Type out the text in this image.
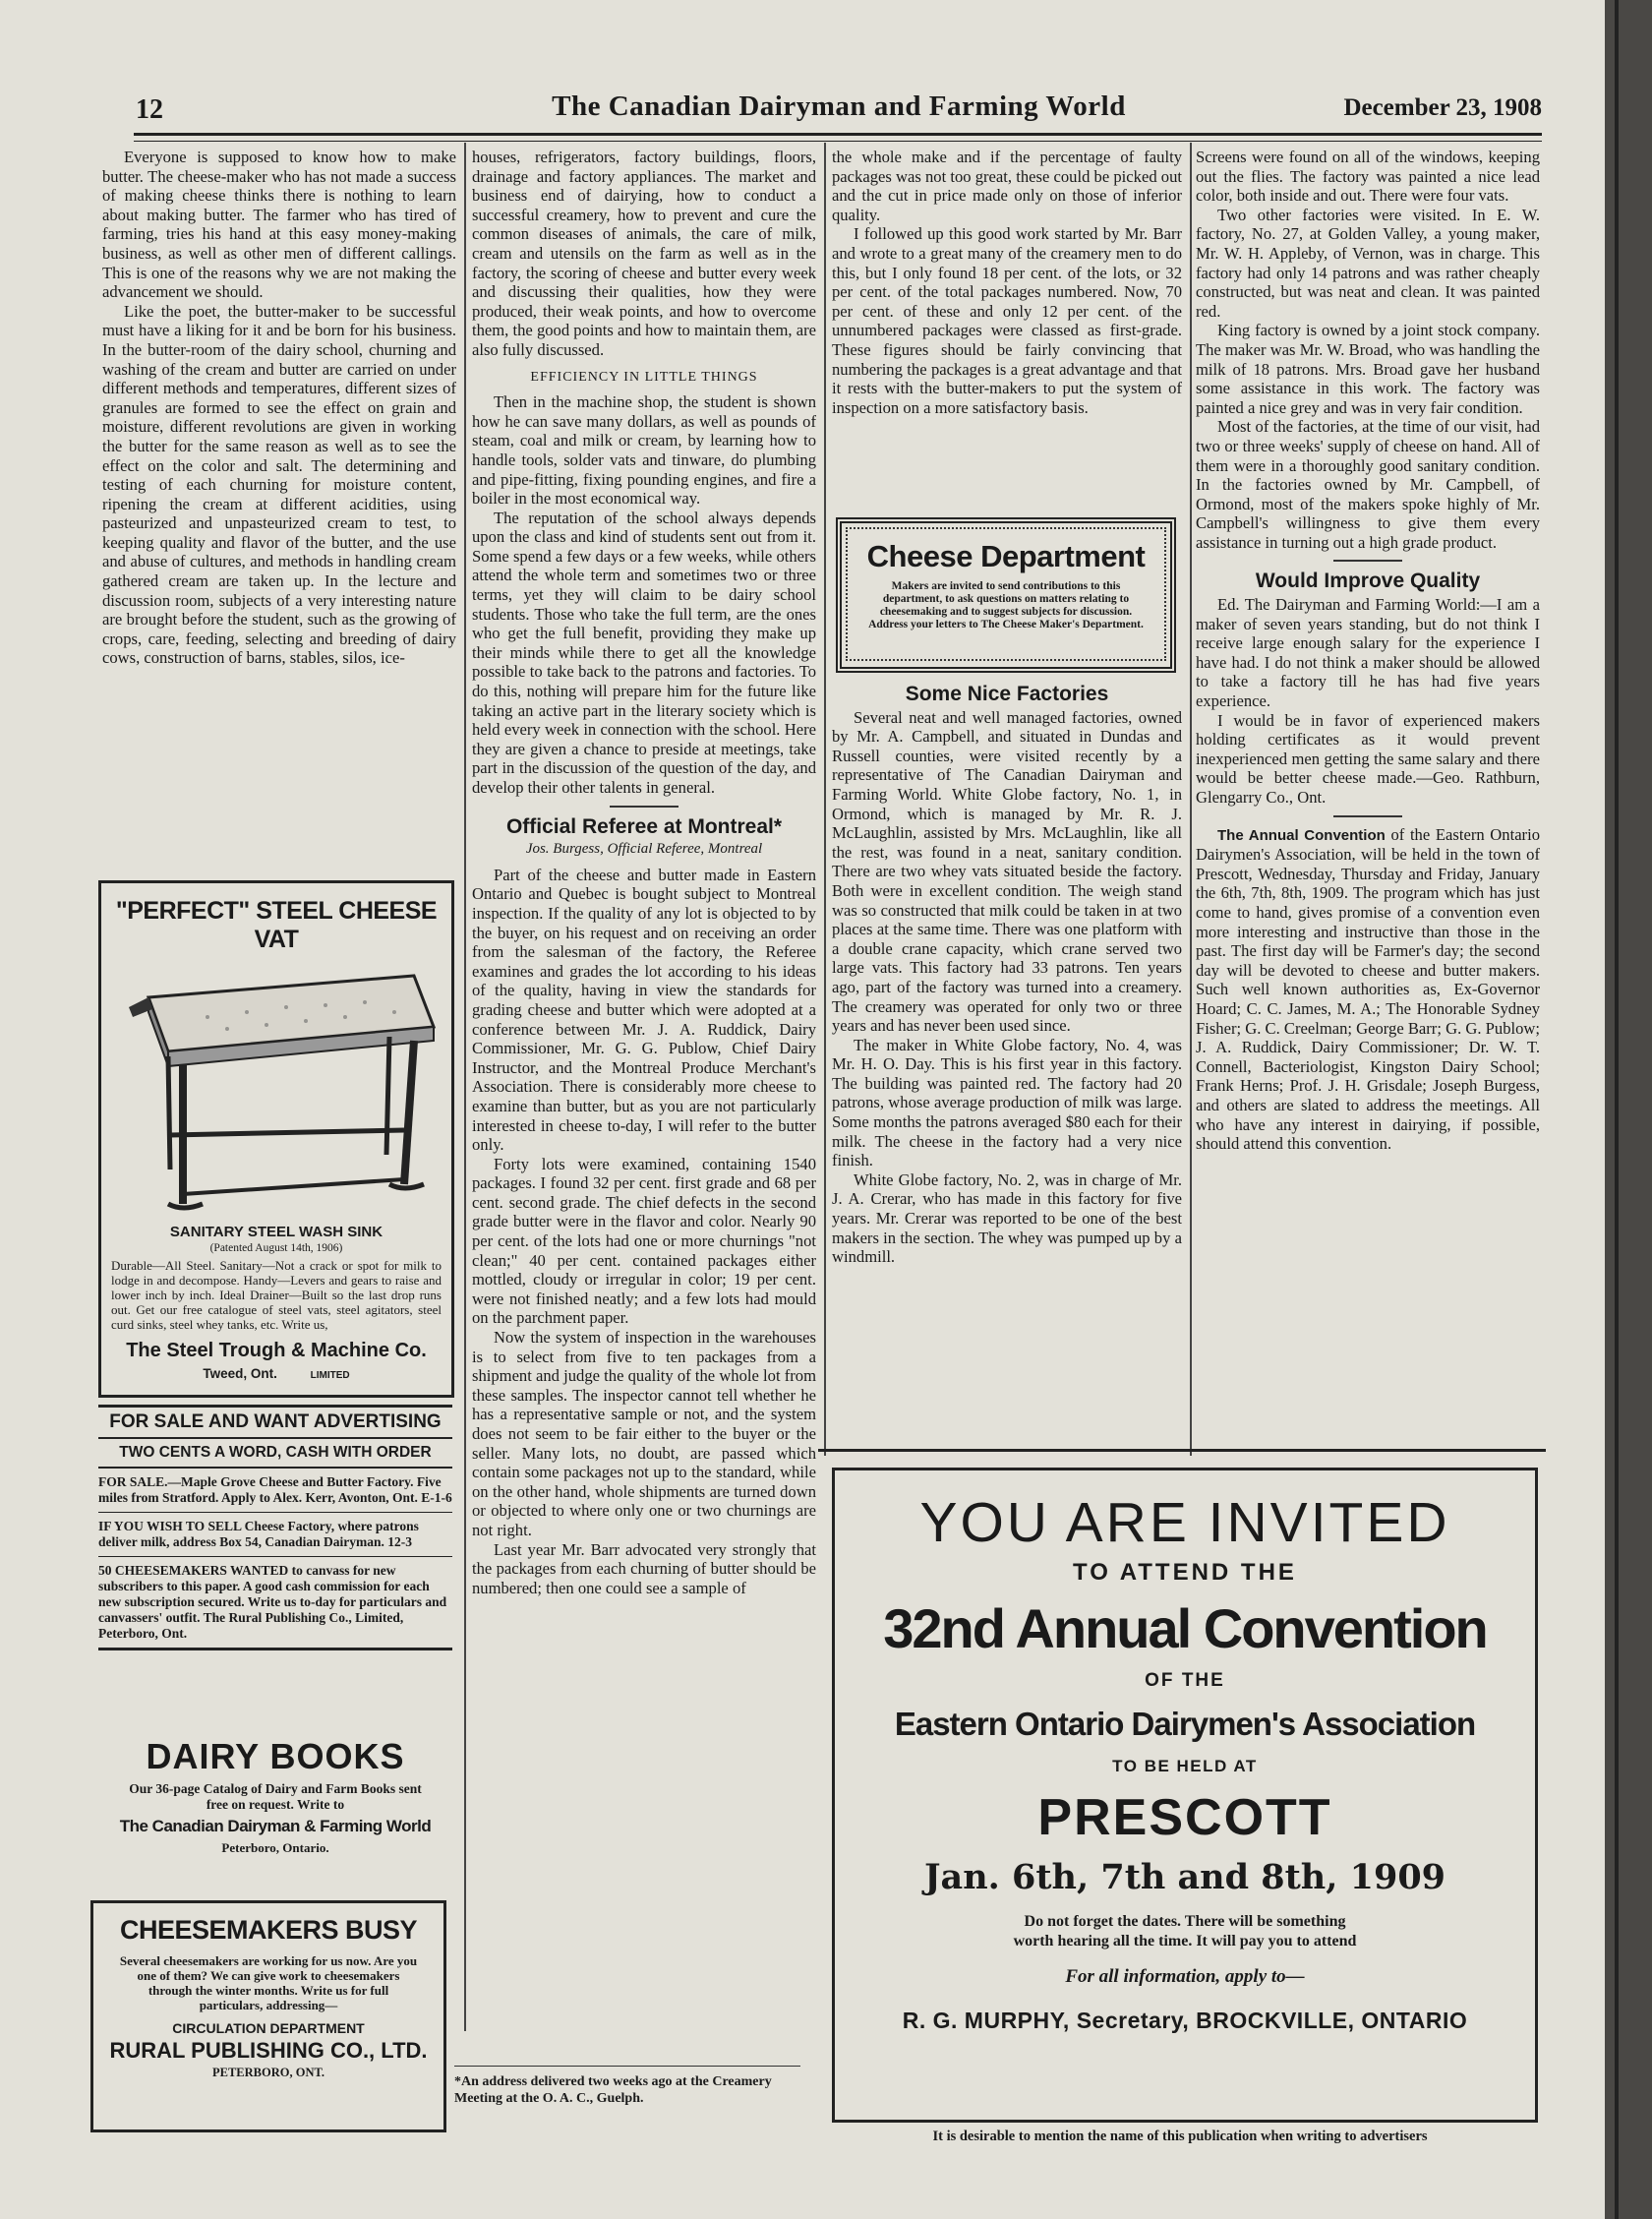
12	The Canadian Dairyman and Farming World	December 23, 1908

Everyone is supposed to know how to make butter. The cheese-maker who has not made a success of making cheese thinks there is nothing to learn about making butter. The farmer who has tired of farming, tries his hand at this easy money-making business, as well as other men of different callings. This is one of the reasons why we are not making the advancement we should.

Like the poet, the butter-maker to be successful must have a liking for it and be born for his business. In the butter-room of the dairy school, churning and washing of the cream and butter are carried on under different methods and temperatures, different sizes of granules are formed to see the effect on grain and moisture, different revolutions are given in working the butter for the same reason as well as to see the effect on the color and salt. The determining and testing of each churning for moisture content, ripening the cream at different acidities, using pasteurized and unpasteurized cream to test, to keeping quality and flavor of the butter, and the use and abuse of cultures, and methods in handling cream gathered cream are taken up. In the lecture and discussion room, subjects of a very interesting nature are brought before the student, such as the growing of crops, care, feeding, selecting and breeding of dairy cows, construction of barns, stables, silos, ice-

"PERFECT" STEEL CHEESE VAT
SANITARY STEEL WASH SINK
(Patented August 14th, 1906)
Durable—All Steel. Sanitary—Not a crack or spot for milk to lodge in and decompose. Handy—Levers and gears to raise and lower inch by inch. Ideal Drainer—Built so the last drop runs out. Get our free catalogue of steel vats, steel agitators, steel curd sinks, steel whey tanks, etc. Write us,
The Steel Trough & Machine Co.
Tweed, Ont.	LIMITED
FOR SALE AND WANT ADVERTISING
TWO CENTS A WORD, CASH WITH ORDER
FOR SALE.—Maple Grove Cheese and Butter Factory. Five miles from Stratford. Apply to Alex. Kerr, Avonton, Ont. E-1-6
IF YOU WISH TO SELL Cheese Factory, where patrons deliver milk, address Box 54, Canadian Dairyman. 12-3
50 CHEESEMAKERS WANTED to canvass for new subscribers to this paper. A good cash commission for each new subscription secured. Write us to-day for particulars and canvassers' outfit. The Rural Publishing Co., Limited, Peterboro, Ont.
DAIRY BOOKS
Our 36-page Catalog of Dairy and Farm Books sent free on request. Write to
The Canadian Dairyman & Farming World
Peterboro, Ontario.
CHEESEMAKERS BUSY
Several cheesemakers are working for us now. Are you one of them? We can give work to cheesemakers through the winter months. Write us for full particulars, addressing—
CIRCULATION DEPARTMENT
RURAL PUBLISHING CO., LTD.
PETERBORO, ONT.

houses, refrigerators, factory buildings, floors, drainage and factory appliances. The market and business end of dairying, how to conduct a successful creamery, how to prevent and cure the common diseases of animals, the care of milk, cream and utensils on the farm as well as in the factory, the scoring of cheese and butter every week and discussing their qualities, how they were produced, their weak points, and how to overcome them, the good points and how to maintain them, are also fully discussed.

EFFICIENCY IN LITTLE THINGS

Then in the machine shop, the student is shown how he can save many dollars, as well as pounds of steam, coal and milk or cream, by learning how to handle tools, solder vats and tinware, do plumbing and pipe-fitting, fixing pounding engines, and fire a boiler in the most economical way.

The reputation of the school always depends upon the class and kind of students sent out from it. Some spend a few days or a few weeks, while others attend the whole term and sometimes two or three terms, yet they will claim to be dairy school students. Those who take the full term, are the ones who get the full benefit, providing they make up their minds while there to get all the knowledge possible to take back to the patrons and factories. To do this, nothing will prepare him for the future like taking an active part in the literary society which is held every week in connection with the school. Here they are given a chance to preside at meetings, take part in the discussion of the question of the day, and develop their other talents in general.

Official Referee at Montreal*
Jos. Burgess, Official Referee, Montreal

Part of the cheese and butter made in Eastern Ontario and Quebec is bought subject to Montreal inspection. If the quality of any lot is objected to by the buyer, on his request and on receiving an order from the salesman of the factory, the Referee examines and grades the lot according to his ideas of the quality, having in view the standards for grading cheese and butter which were adopted at a conference between Mr. J. A. Ruddick, Dairy Commissioner, Mr. G. G. Publow, Chief Dairy Instructor, and the Montreal Produce Merchant's Association. There is considerably more cheese to examine than butter, but as you are not particularly interested in cheese to-day, I will refer to the butter only.

Forty lots were examined, containing 1540 packages. I found 32 per cent. first grade and 68 per cent. second grade. The chief defects in the second grade butter were in the flavor and color. Nearly 90 per cent. of the lots had one or more churnings "not clean;" 40 per cent. contained packages either mottled, cloudy or irregular in color; 19 per cent. were not finished neatly; and a few lots had mould on the parchment paper.

Now the system of inspection in the warehouses is to select from five to ten packages from a shipment and judge the quality of the whole lot from these samples. The inspector cannot tell whether he has a representative sample or not, and the system does not seem to be fair either to the buyer or the seller. Many lots, no doubt, are passed which contain some packages not up to the standard, while on the other hand, whole shipments are turned down or objected to where only one or two churnings are not right.

Last year Mr. Barr advocated very strongly that the packages from each churning of butter should be numbered; then one could see a sample of

*An address delivered two weeks ago at the Creamery Meeting at the O. A. C., Guelph.

the whole make and if the percentage of faulty packages was not too great, these could be picked out and the cut in price made only on those of inferior quality.

I followed up this good work started by Mr. Barr and wrote to a great many of the creamery men to do this, but I only found 18 per cent. of the lots, or 32 per cent. of the total packages numbered. Now, 70 per cent. of these and only 12 per cent. of the unnumbered packages were classed as first-grade. These figures should be fairly convincing that numbering the packages is a great advantage and that it rests with the butter-makers to put the system of inspection on a more satisfactory basis.

Cheese Department
Makers are invited to send contributions to this department, to ask questions on matters relating to cheesemaking and to suggest subjects for discussion. Address your letters to The Cheese Maker's Department.
Some Nice Factories

Several neat and well managed factories, owned by Mr. A. Campbell, and situated in Dundas and Russell counties, were visited recently by a representative of The Canadian Dairyman and Farming World. White Globe factory, No. 1, in Ormond, which is managed by Mr. R. J. McLaughlin, assisted by Mrs. McLaughlin, like all the rest, was found in a neat, sanitary condition. There are two whey vats situated beside the factory. Both were in excellent condition. The weigh stand was so constructed that milk could be taken in at two places at the same time. There was one platform with a double crane capacity, which crane served two large vats. This factory had 33 patrons. Ten years ago, part of the factory was turned into a creamery. The creamery was operated for only two or three years and has never been used since.

The maker in White Globe factory, No. 4, was Mr. H. O. Day. This is his first year in this factory. The building was painted red. The factory had 20 patrons, whose average production of milk was large. Some months the patrons averaged $80 each for their milk. The cheese in the factory had a very nice finish.

White Globe factory, No. 2, was in charge of Mr. J. A. Crerar, who has made in this factory for five years. Mr. Crerar was reported to be one of the best makers in the section. The whey was pumped up by a windmill.

Screens were found on all of the windows, keeping out the flies. The factory was painted a nice lead color, both inside and out. There were four vats.

Two other factories were visited. In E. W. factory, No. 27, at Golden Valley, a young maker, Mr. W. H. Appleby, of Vernon, was in charge. This factory had only 14 patrons and was rather cheaply constructed, but was neat and clean. It was painted red.

King factory is owned by a joint stock company. The maker was Mr. W. Broad, who was handling the milk of 18 patrons. Mrs. Broad gave her husband some assistance in this work. The factory was painted a nice grey and was in very fair condition.

Most of the factories, at the time of our visit, had two or three weeks' supply of cheese on hand. All of them were in a thoroughly good sanitary condition. In the factories owned by Mr. Campbell, of Ormond, most of the makers spoke highly of Mr. Campbell's willingness to give them every assistance in turning out a high grade product.

Would Improve Quality

Ed. The Dairyman and Farming World:—I am a maker of seven years standing, but do not think I receive large enough salary for the experience I have had. I do not think a maker should be allowed to take a factory till he has had five years experience.

I would be in favor of experienced makers holding certificates as it would prevent inexperienced men getting the same salary and there would be better cheese made.—Geo. Rathburn, Glengarry Co., Ont.

The Annual Convention of the Eastern Ontario Dairymen's Association, will be held in the town of Prescott, Wednesday, Thursday and Friday, January the 6th, 7th, 8th, 1909. The program which has just come to hand, gives promise of a convention even more interesting and instructive than those in the past. The first day will be Farmer's day; the second day will be devoted to cheese and butter makers. Such well known authorities as, Ex-Governor Hoard; C. C. James, M. A.; The Honorable Sydney Fisher; G. C. Creelman; George Barr; G. G. Publow; J. A. Ruddick, Dairy Commissioner; Dr. W. T. Connell, Bacteriologist, Kingston Dairy School; Frank Herns; Prof. J. H. Grisdale; Joseph Burgess, and others are slated to address the meetings. All who have any interest in dairying, if possible, should attend this convention.

YOU ARE INVITED
TO ATTEND THE
32nd Annual Convention
OF THE
Eastern Ontario Dairymen's Association
TO BE HELD AT
PRESCOTT
Jan. 6th, 7th and 8th, 1909
Do not forget the dates. There will be something
worth hearing all the time. It will pay you to attend
For all information, apply to—
R. G. MURPHY, Secretary, BROCKVILLE, ONTARIO
It is desirable to mention the name of this publication when writing to advertisers
